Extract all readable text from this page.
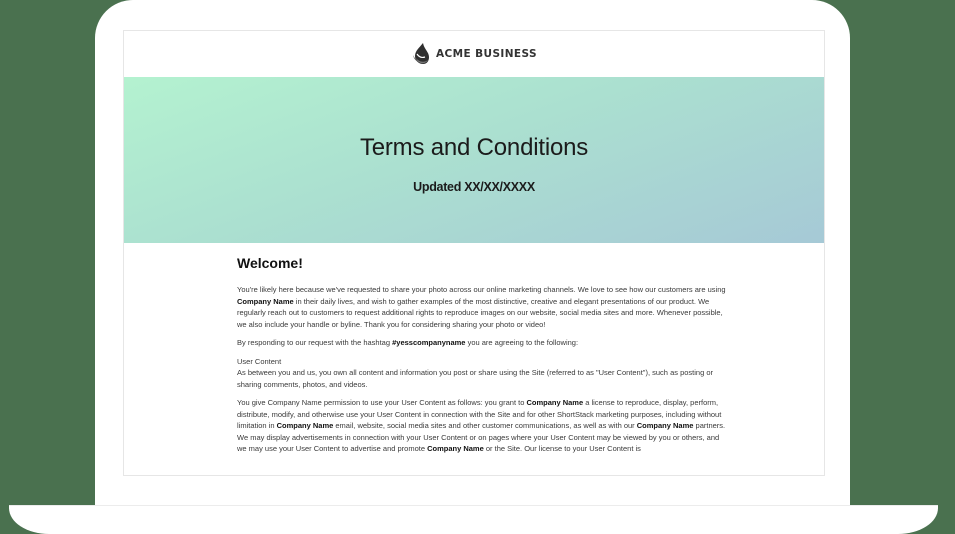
ACME BUSINESS
Terms and Conditions
Updated XX/XX/XXXX
Welcome!

You're likely here because we've requested to share your photo across our online marketing channels. We love to see how our customers are using Company Name in their daily lives, and wish to gather examples of the most distinctive, creative and elegant presentations of our product. We regularly reach out to customers to request additional rights to reproduce images on our website, social media sites and more. Whenever possible, we also include your handle or byline. Thank you for considering sharing your photo or video!

By responding to our request with the hashtag #yesscompanyname you are agreeing to the following:

User Content
As between you and us, you own all content and information you post or share using the Site (referred to as "User Content"), such as posting or sharing comments, photos, and videos.

You give Company Name permission to use your User Content as follows: you grant to Company Name a license to reproduce, display, perform, distribute, modify, and otherwise use your User Content in connection with the Site and for other ShortStack marketing purposes, including without limitation in Company Name email, website, social media sites and other customer communications, as well as with our Company Name partners. We may display advertisements in connection with your User Content or on pages where your User Content may be viewed by you or others, and we may use your User Content to advertise and promote Company Name or the Site. Our license to your User Content is
